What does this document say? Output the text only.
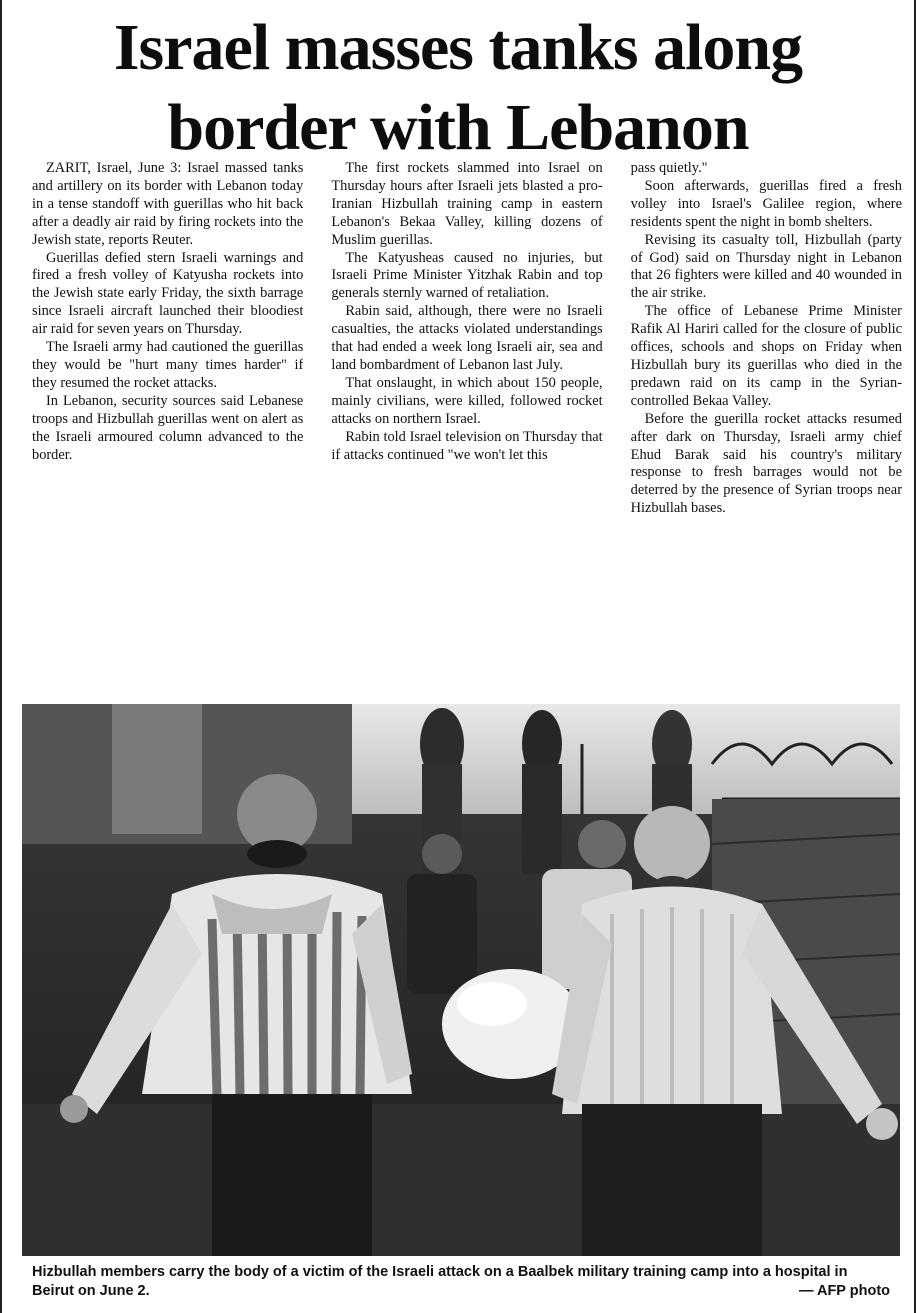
Israel masses tanks along
border with Lebanon

ZARIT, Israel, June 3: Israel massed tanks and artillery on its border with Lebanon today in a tense standoff with guerillas who hit back after a deadly air raid by firing rockets into the Jewish state, reports Reuter.

Guerillas defied stern Israeli warnings and fired a fresh volley of Katyusha rockets into the Jewish state early Friday, the sixth barrage since Israeli aircraft launched their bloodiest air raid for seven years on Thursday.

The Israeli army had cautioned the guerillas they would be "hurt many times harder" if they resumed the rocket attacks.

In Lebanon, security sources said Lebanese troops and Hizbullah guerillas went on alert as the Israeli armoured column advanced to the border.

The first rockets slammed into Israel on Thursday hours after Israeli jets blasted a pro-Iranian Hizbullah training camp in eastern Lebanon's Bekaa Valley, killing dozens of Muslim guerillas.

The Katyusheas caused no injuries, but Israeli Prime Minister Yitzhak Rabin and top generals sternly warned of retaliation.

Rabin said, although, there were no Israeli casualties, the attacks violated understandings that had ended a week long Israeli air, sea and land bombardment of Lebanon last July.

That onslaught, in which about 150 people, mainly civilians, were killed, followed rocket attacks on northern Israel.

Rabin told Israel television on Thursday that if attacks continued "we won't let this

pass quietly."

Soon afterwards, guerillas fired a fresh volley into Israel's Galilee region, where residents spent the night in bomb shelters.

Revising its casualty toll, Hizbullah (party of God) said on Thursday night in Lebanon that 26 fighters were killed and 40 wounded in the air strike.

The office of Lebanese Prime Minister Rafik Al Hariri called for the closure of public offices, schools and shops on Friday when Hizbullah bury its guerillas who died in the predawn raid on its camp in the Syrian-controlled Bekaa Valley.

Before the guerilla rocket attacks resumed after dark on Thursday, Israeli army chief Ehud Barak said his country's military response to fresh barrages would not be deterred by the presence of Syrian troops near Hizbullah bases.

Hizbullah members carry the body of a victim of the Israeli attack on a Baalbek military training camp into a hospital in Beirut on June 2.	— AFP photo
